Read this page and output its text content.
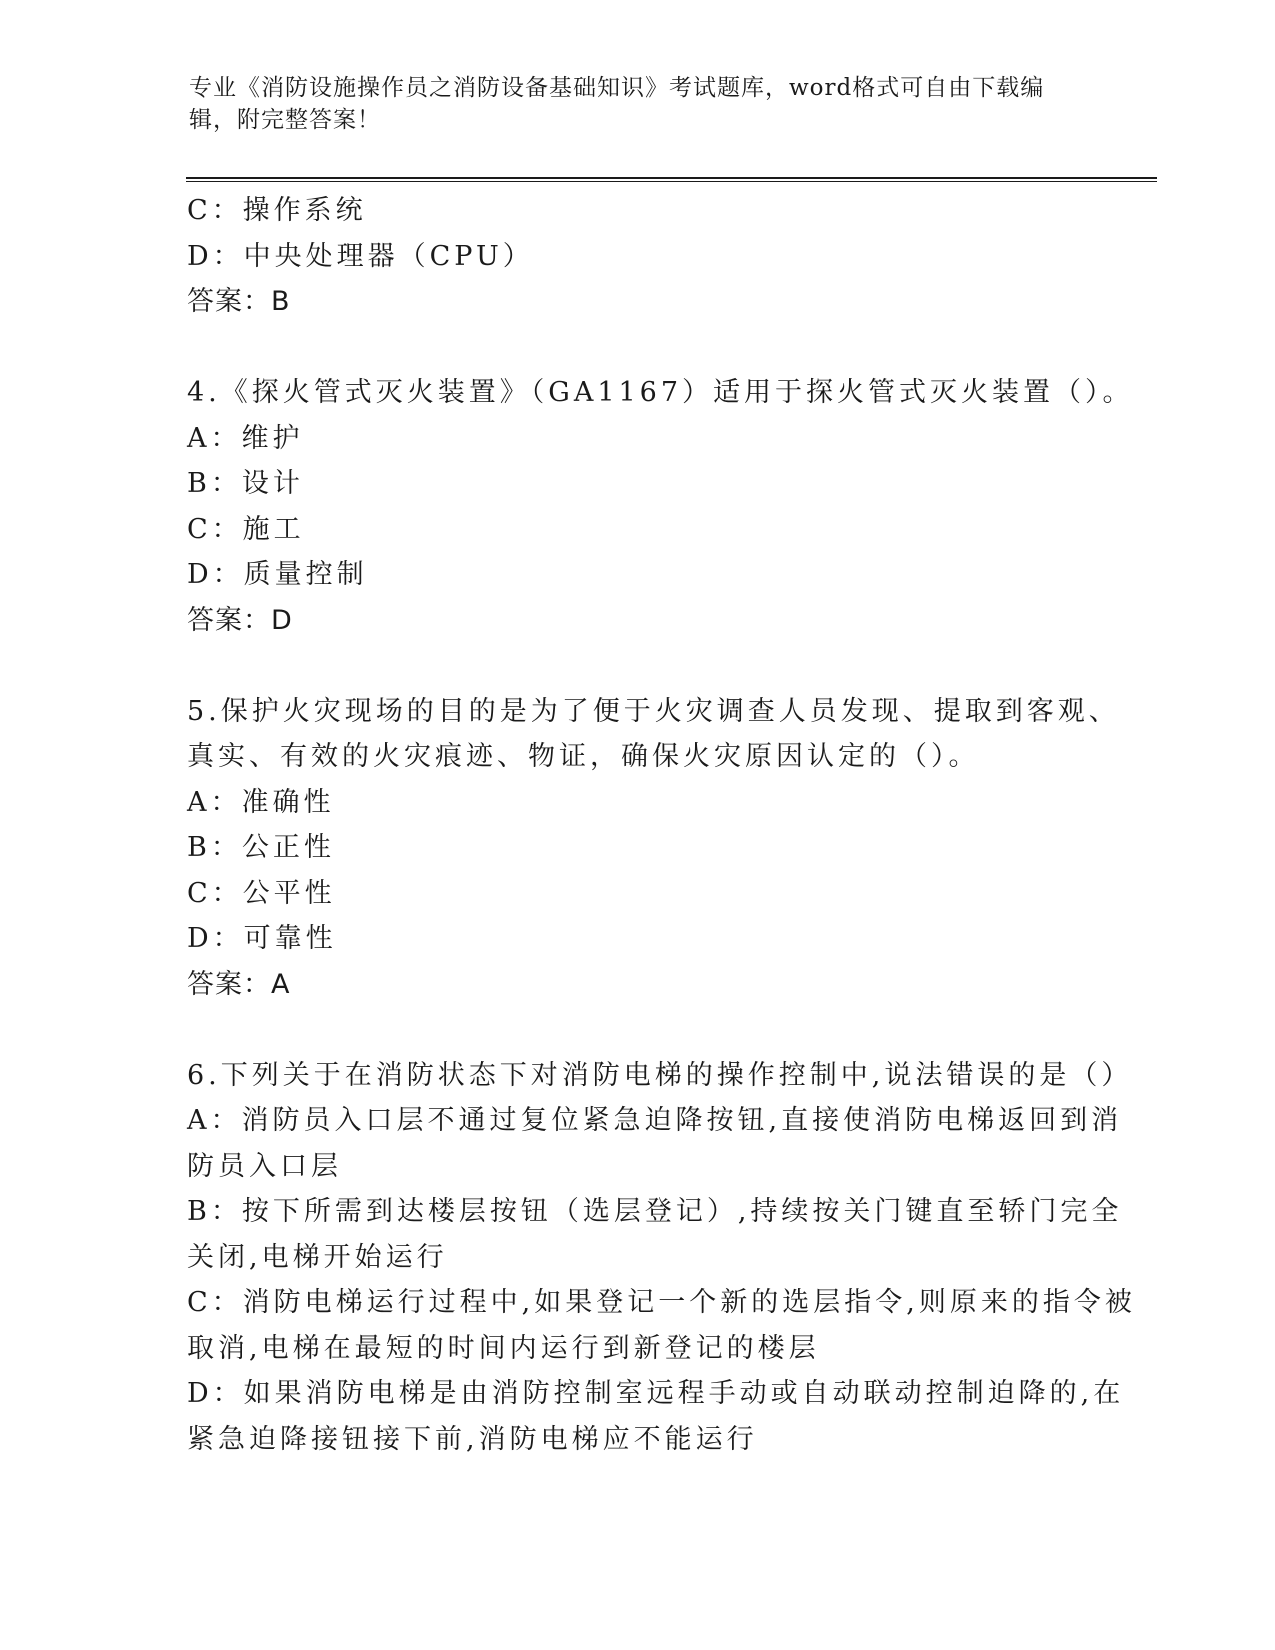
专业《消防设施操作员之消防设备基础知识》考试题库，word格式可自由下载编
辑，附完整答案！
C：操作系统
D：中央处理器（CPU）
答案：B
4.《探火管式灭火装置》（GA1167）适用于探火管式灭火装置（）。
A：维护
B：设计
C：施工
D：质量控制
答案：D
5.保护火灾现场的目的是为了便于火灾调查人员发现、提取到客观、
真实、有效的火灾痕迹、物证，确保火灾原因认定的（）。
A：准确性
B：公正性
C：公平性
D：可靠性
答案：A
6.下列关于在消防状态下对消防电梯的操作控制中,说法错误的是（）
A：消防员入口层不通过复位紧急迫降按钮,直接使消防电梯返回到消
防员入口层
B：按下所需到达楼层按钮（选层登记）,持续按关门键直至轿门完全
关闭,电梯开始运行
C：消防电梯运行过程中,如果登记一个新的选层指令,则原来的指令被
取消,电梯在最短的时间内运行到新登记的楼层
D：如果消防电梯是由消防控制室远程手动或自动联动控制迫降的,在
紧急迫降接钮接下前,消防电梯应不能运行
